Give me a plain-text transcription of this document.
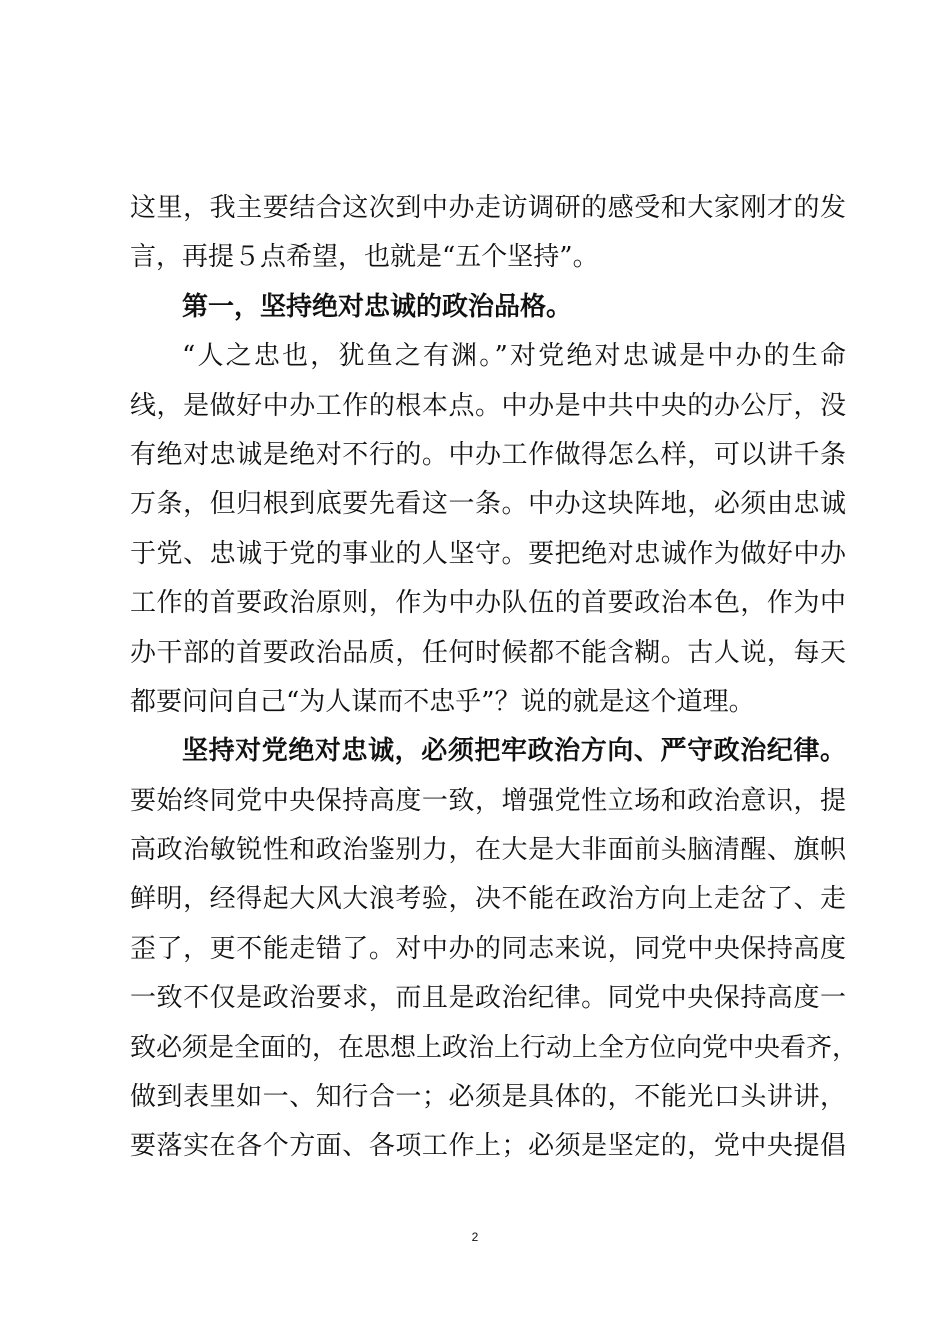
这里，我主要结合这次到中办走访调研的感受和大家刚才的发
言，再提５点希望，也就是“五个坚持”。
第一，坚持绝对忠诚的政治品格。
“人之忠也，犹鱼之有渊。”对党绝对忠诚是中办的生命
线，是做好中办工作的根本点。中办是中共中央的办公厅，没
有绝对忠诚是绝对不行的。中办工作做得怎么样，可以讲千条
万条，但归根到底要先看这一条。中办这块阵地，必须由忠诚
于党、忠诚于党的事业的人坚守。要把绝对忠诚作为做好中办
工作的首要政治原则，作为中办队伍的首要政治本色，作为中
办干部的首要政治品质，任何时候都不能含糊。古人说，每天
都要问问自己“为人谋而不忠乎”？说的就是这个道理。
坚持对党绝对忠诚，必须把牢政治方向、严守政治纪律。
要始终同党中央保持高度一致，增强党性立场和政治意识，提
高政治敏锐性和政治鉴别力，在大是大非面前头脑清醒、旗帜
鲜明，经得起大风大浪考验，决不能在政治方向上走岔了、走
歪了，更不能走错了。对中办的同志来说，同党中央保持高度
一致不仅是政治要求，而且是政治纪律。同党中央保持高度一
致必须是全面的，在思想上政治上行动上全方位向党中央看齐，
做到表里如一、知行合一；必须是具体的，不能光口头讲讲，
要落实在各个方面、各项工作上；必须是坚定的，党中央提倡
2
